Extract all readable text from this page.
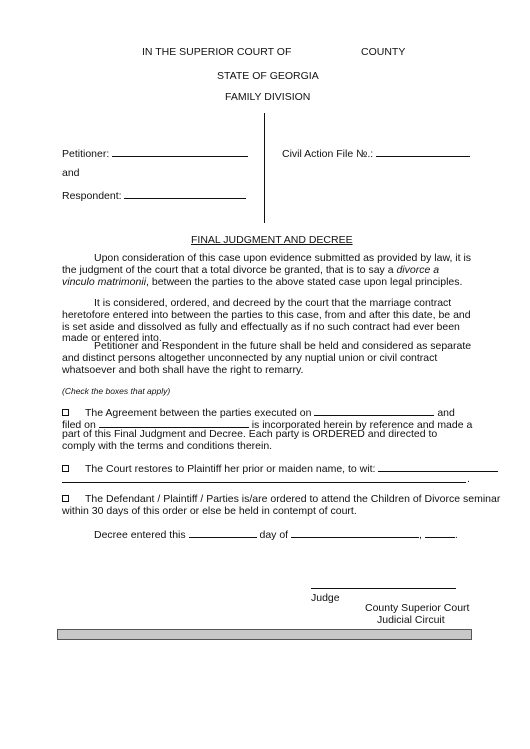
IN THE SUPERIOR COURT OF	COUNTY
STATE OF GEORGIA
FAMILY DIVISION
Petitioner:
and
Respondent:
Civil Action File №.:
FINAL JUDGMENT AND DECREE
Upon consideration of this case upon evidence submitted as provided by law, it is the judgment of the court that a total divorce be granted, that is to say a divorce a vinculo matrimonii, between the parties to the above stated case upon legal principles.
It is considered, ordered, and decreed by the court that the marriage contract heretofore entered into between the parties to this case, from and after this date, be and is set aside and dissolved as fully and effectually as if no such contract had ever been made or entered into.
Petitioner and Respondent in the future shall be held and considered as separate and distinct persons altogether unconnected by any nuptial union or civil contract whatsoever and both shall have the right to remarry.
(Check the boxes that apply)
The Agreement between the parties executed on	and
filed on	is incorporated herein by reference and made a
part of this Final Judgment and Decree. Each party is ORDERED and directed to comply with the terms and conditions therein.
The Court restores to Plaintiff her prior or maiden name, to wit:
.
The Defendant / Plaintiff / Parties is/are ordered to attend the Children of Divorce seminar
within 30 days of this order or else be held in contempt of court.
Decree entered this	day of	,	.
Judge
County Superior Court
Judicial Circuit
